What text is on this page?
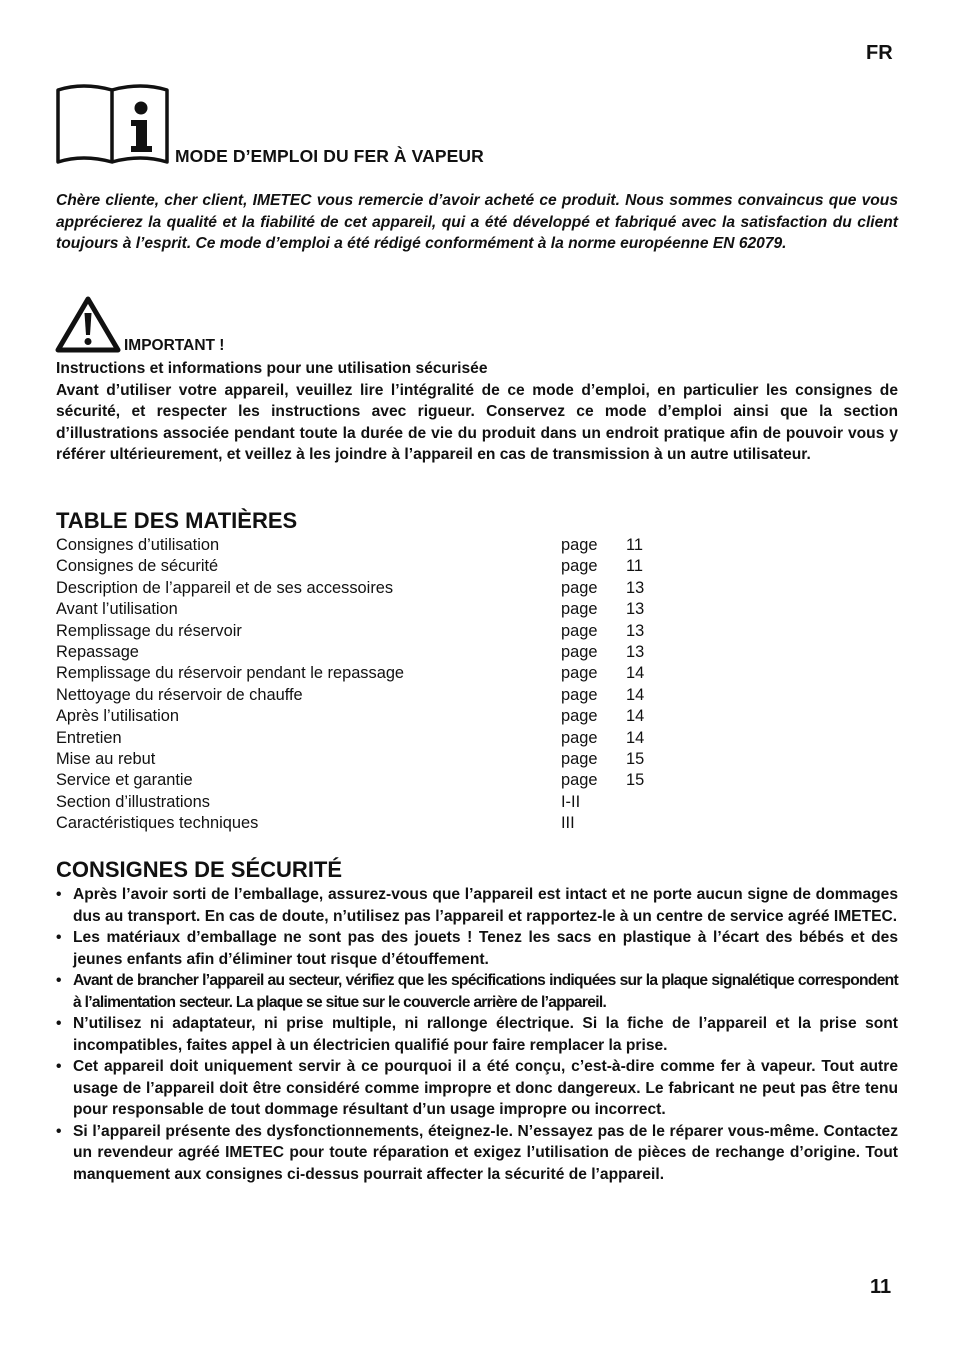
FR
MODE D’EMPLOI DU FER À VAPEUR

Chère cliente, cher client, IMETEC vous remercie d’avoir acheté ce produit. Nous sommes convaincus que vous apprécierez la qualité et la fiabilité de cet appareil, qui a été développé et fabriqué avec la satisfaction du client toujours à l’esprit. Ce mode d’emploi a été rédigé conformément à la norme européenne EN 62079.

IMPORTANT !

Instructions et informations pour une utilisation sécurisée

Avant d’utiliser votre appareil, veuillez lire l’intégralité de ce mode d’emploi, en particulier les consignes de sécurité, et respecter les instructions avec rigueur. Conservez ce mode d’emploi ainsi que la section d’illustrations associée pendant toute la durée de vie du produit dans un endroit pratique afin de pouvoir vous y référer ultérieurement, et veillez à les joindre à l’appareil en cas de transmission à un autre utilisateur.

TABLE DES MATIÈRES
Consignes d’utilisation	page 11
Consignes de sécurité	page 11
Description de l’appareil et de ses accessoires	page 13
Avant l’utilisation	page 13
Remplissage du réservoir	page 13
Repassage	page 13
Remplissage du réservoir pendant le repassage	page 14
Nettoyage du réservoir de chauffe	page 14
Après l’utilisation	page 14
Entretien	page 14
Mise au rebut	page 15
Service et garantie	page 15
Section d’illustrations	I-II
Caractéristiques techniques	III
CONSIGNES DE SÉCURITÉ
• Après l’avoir sorti de l’emballage, assurez-vous que l’appareil est intact et ne porte aucun signe de dommages dus au transport. En cas de doute, n’utilisez pas l’appareil et rapportez-le à un centre de service agréé IMETEC.
• Les matériaux d’emballage ne sont pas des jouets ! Tenez les sacs en plastique à l’écart des bébés et des jeunes enfants afin d’éliminer tout risque d’étouffement.
• Avant de brancher l’appareil au secteur, vérifiez que les spécifications indiquées sur la plaque signalétique correspondent à l’alimentation secteur. La plaque se situe sur le couvercle arrière de l’appareil.
• N’utilisez ni adaptateur, ni prise multiple, ni rallonge électrique. Si la fiche de l’appareil et la prise sont incompatibles, faites appel à un électricien qualifié pour faire remplacer la prise.
• Cet appareil doit uniquement servir à ce pourquoi il a été conçu, c’est-à-dire comme fer à vapeur. Tout autre usage de l’appareil doit être considéré comme impropre et donc dangereux. Le fabricant ne peut pas être tenu pour responsable de tout dommage résultant d’un usage impropre ou incorrect.
• Si l’appareil présente des dysfonctionnements, éteignez-le. N’essayez pas de le réparer vous-même. Contactez un revendeur agréé IMETEC pour toute réparation et exigez l’utilisation de pièces de rechange d’origine. Tout manquement aux consignes ci-dessus pourrait affecter la sécurité de l’appareil.
11
